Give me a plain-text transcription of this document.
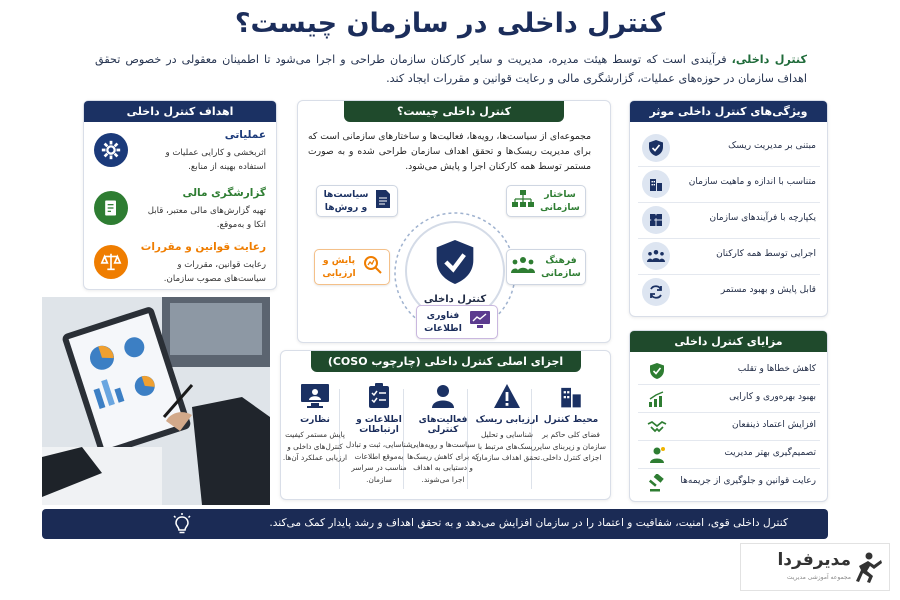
کنترل داخلی در سازمان چیست؟
کنترل داخلی، فرآیندی است که توسط هیئت مدیره، مدیریت و سایر کارکنان سازمان طراحی و اجرا می‌شود تا اطمینان معقولی در خصوص تحقق اهداف سازمان در حوزه‌های عملیات، گزارشگری مالی و رعایت قوانین و مقررات ایجاد کند.
اهداف کنترل داخلی
عملیاتی
اثربخشی و کارایی عملیات و استفاده بهینه از منابع.
گزارشگری مالی
تهیه گزارش‌های مالی معتبر، قابل اتکا و به‌موقع.
رعایت قوانین و مقررات
رعایت قوانین، مقررات و سیاست‌های مصوب سازمان.
کنترل داخلی چیست؟
مجموعه‌ای از سیاست‌ها، رویه‌ها، فعالیت‌ها و ساختارهای سازمانی است که برای مدیریت ریسک‌ها و تحقق اهداف سازمان طراحی شده و به صورت مستمر توسط همه کارکنان اجرا و پایش می‌شود.
کنترل داخلی
سیاست‌ها و روش‌ها
ساختار سازمانی
پایش و ارزیابی
فرهنگ سازمانی
فناوری اطلاعات
ویژگی‌های کنترل داخلی موثر
مبتنی بر مدیریت ریسک
متناسب با اندازه و ماهیت سازمان
یکپارچه با فرآیندهای سازمان
اجرایی توسط همه کارکنان
قابل پایش و بهبود مستمر
مزایای کنترل داخلی
کاهش خطاها و تقلب
بهبود بهره‌وری و کارایی
افزایش اعتماد ذینفعان
تصمیم‌گیری بهتر مدیریت
رعایت قوانین و جلوگیری از جریمه‌ها
اجزای اصلی کنترل داخلی (چارچوب COSO)
محیط کنترل
فضای کلی حاکم بر سازمان و زیربنای سایر اجزای کنترل داخلی.
ارزیابی ریسک
شناسایی و تحلیل ریسک‌های مرتبط با تحقق اهداف سازمان.
فعالیت‌های کنترلی
سیاست‌ها و رویه‌هایی که برای کاهش ریسک‌ها و دستیابی به اهداف اجرا می‌شوند.
اطلاعات و ارتباطات
شناسایی، ثبت و تبادل به‌موقع اطلاعات مناسب در سراسر سازمان.
نظارت
پایش مستمر کیفیت کنترل‌های داخلی و ارزیابی عملکرد آن‌ها.
کنترل داخلی قوی، امنیت، شفافیت و اعتماد را در سازمان افزایش می‌دهد و به تحقق اهداف و رشد پایدار کمک می‌کند.
مدیرفردا
مجموعه آموزشی مدیریت
